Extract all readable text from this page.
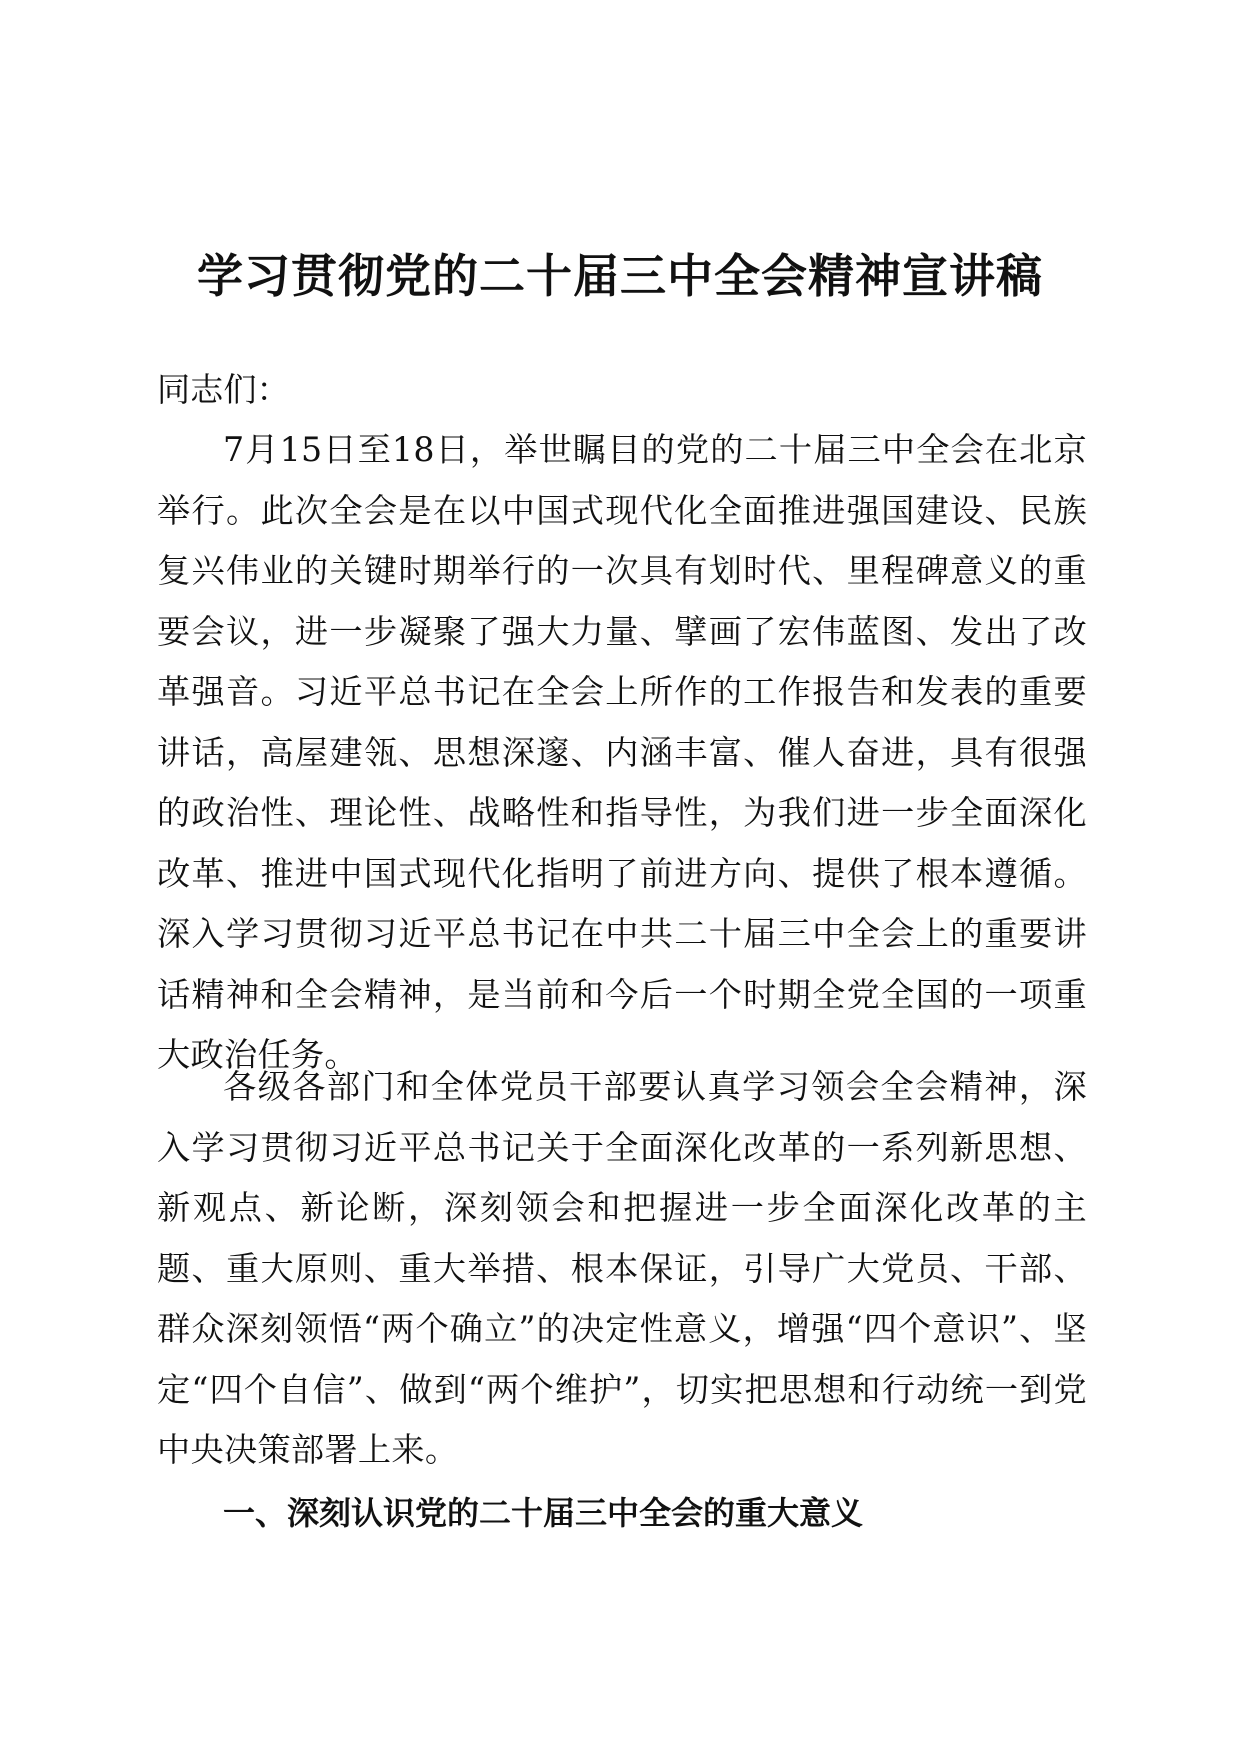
学习贯彻党的二十届三中全会精神宣讲稿
同志们：
7月15日至18日，举世瞩目的党的二十届三中全会在北京举行。此次全会是在以中国式现代化全面推进强国建设、民族复兴伟业的关键时期举行的一次具有划时代、里程碑意义的重要会议，进一步凝聚了强大力量、擘画了宏伟蓝图、发出了改革强音。习近平总书记在全会上所作的工作报告和发表的重要讲话，高屋建瓴、思想深邃、内涵丰富、催人奋进，具有很强的政治性、理论性、战略性和指导性，为我们进一步全面深化改革、推进中国式现代化指明了前进方向、提供了根本遵循。深入学习贯彻习近平总书记在中共二十届三中全会上的重要讲话精神和全会精神，是当前和今后一个时期全党全国的一项重大政治任务。
各级各部门和全体党员干部要认真学习领会全会精神，深入学习贯彻习近平总书记关于全面深化改革的一系列新思想、新观点、新论断，深刻领会和把握进一步全面深化改革的主题、重大原则、重大举措、根本保证，引导广大党员、干部、群众深刻领悟“两个确立”的决定性意义，增强“四个意识”、坚定“四个自信”、做到“两个维护”，切实把思想和行动统一到党中央决策部署上来。
一、深刻认识党的二十届三中全会的重大意义
